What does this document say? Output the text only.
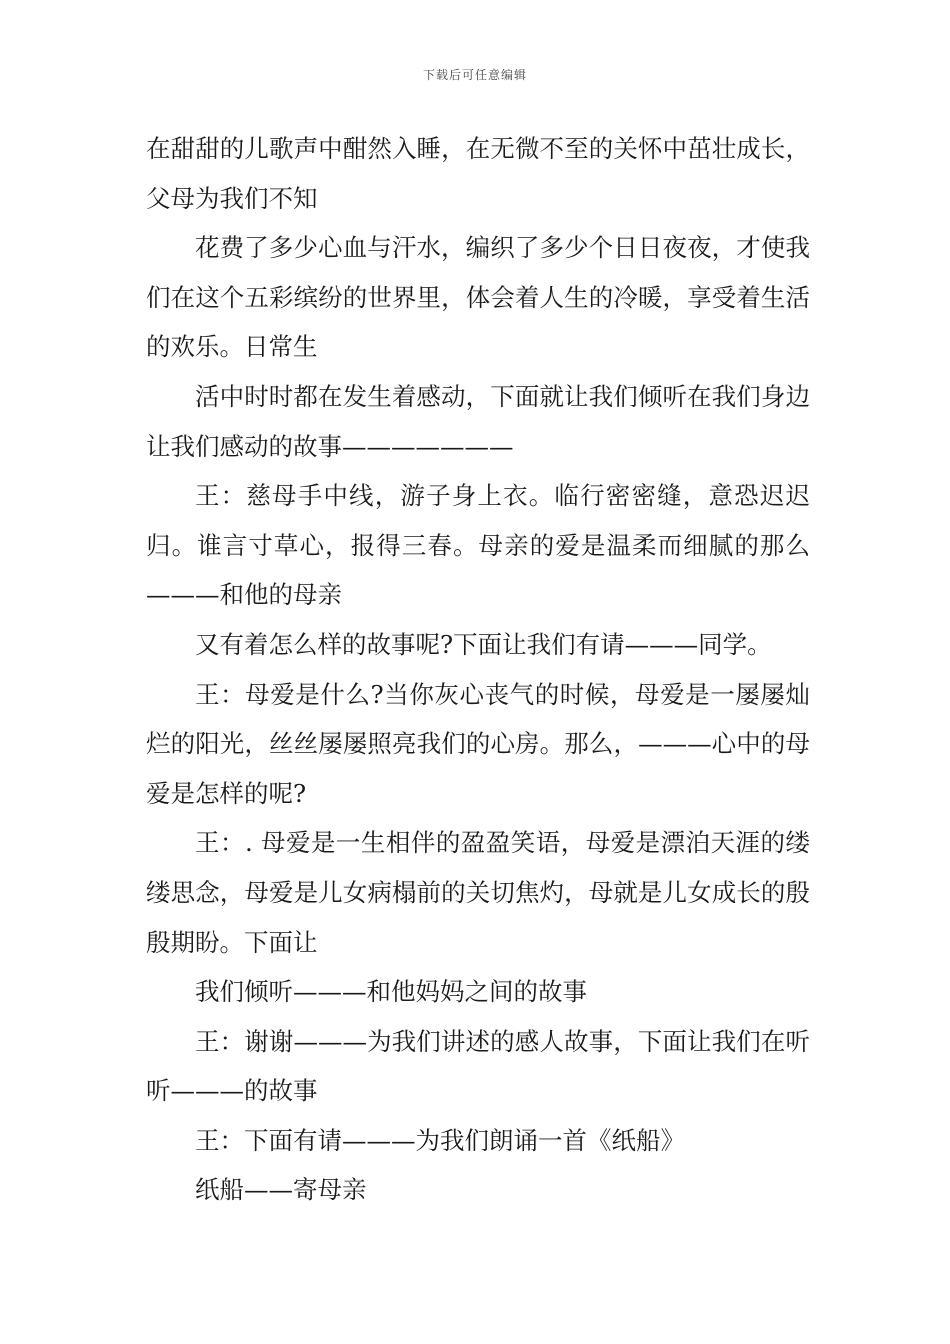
下载后可任意编辑

在甜甜的儿歌声中酣然入睡，在无微不至的关怀中茁壮成长，父母为我们不知

花费了多少心血与汗水，编织了多少个日日夜夜，才使我们在这个五彩缤纷的世界里，体会着人生的冷暖，享受着生活的欢乐。日常生

活中时时都在发生着感动，下面就让我们倾听在我们身边让我们感动的故事———————

王：慈母手中线，游子身上衣。临行密密缝，意恐迟迟归。谁言寸草心，报得三春。母亲的爱是温柔而细腻的那么———和他的母亲

又有着怎么样的故事呢?下面让我们有请———同学。

王：母爱是什么?当你灰心丧气的时候，母爱是一屡屡灿烂的阳光，丝丝屡屡照亮我们的心房。那么，———心中的母爱是怎样的呢?

王：. 母爱是一生相伴的盈盈笑语，母爱是漂泊天涯的缕缕思念，母爱是儿女病榻前的关切焦灼，母就是儿女成长的殷殷期盼。下面让

我们倾听———和他妈妈之间的故事

王：谢谢———为我们讲述的感人故事，下面让我们在听听———的故事

王：下面有请———为我们朗诵一首《纸船》

纸船——寄母亲
